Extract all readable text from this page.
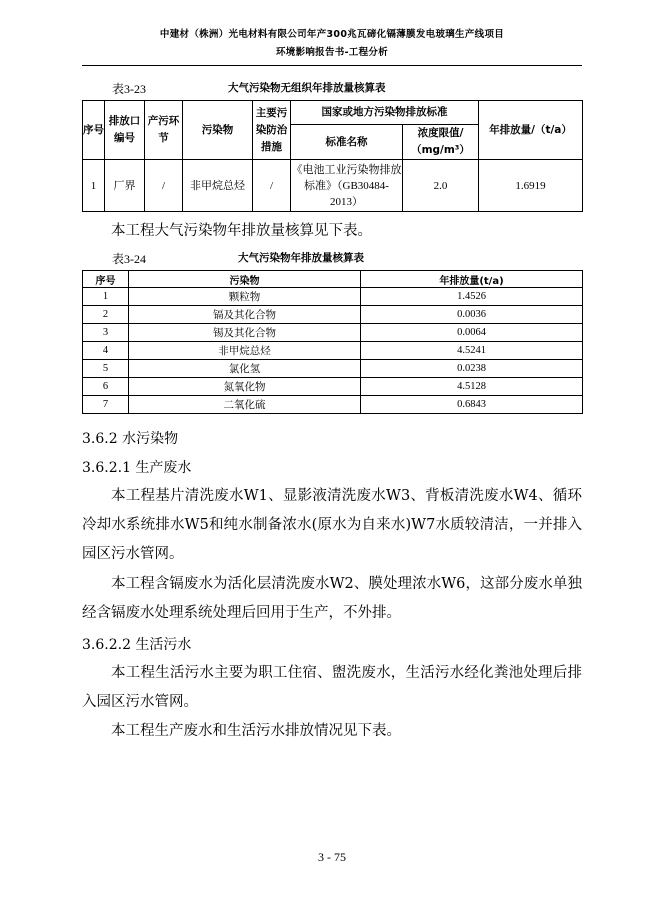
中建材（株洲）光电材料有限公司年产300兆瓦碲化镉薄膜发电玻璃生产线项目
环境影响报告书-工程分析
表3-23	大气污染物无组织年排放量核算表
序号	排放口编号	产污环节	污染物	主要污染防治措施	国家或地方污染物排放标准		年排放量/（t/a）
					标准名称	浓度限值/（mg/m³）	
1	厂界	/	非甲烷总烃	/	《电池工业污染物排放标准》（GB30484-2013）	2.0	1.6919
本工程大气污染物年排放量核算见下表。
表3-24	大气污染物年排放量核算表
序号	污染物	年排放量(t/a)
1	颗粒物	1.4526
2	镉及其化合物	0.0036
3	锡及其化合物	0.0064
4	非甲烷总烃	4.5241
5	氯化氢	0.0238
6	氮氧化物	4.5128
7	二氧化硫	0.6843
3.6.2 水污染物
3.6.2.1 生产废水
本工程基片清洗废水W1、显影液清洗废水W3、背板清洗废水W4、循环冷却水系统排水W5和纯水制备浓水(原水为自来水)W7水质较清洁，一并排入园区污水管网。
本工程含镉废水为活化层清洗废水W2、膜处理浓水W6，这部分废水单独经含镉废水处理系统处理后回用于生产，不外排。
3.6.2.2 生活污水
本工程生活污水主要为职工住宿、盥洗废水，生活污水经化粪池处理后排入园区污水管网。
本工程生产废水和生活污水排放情况见下表。
3 - 75
